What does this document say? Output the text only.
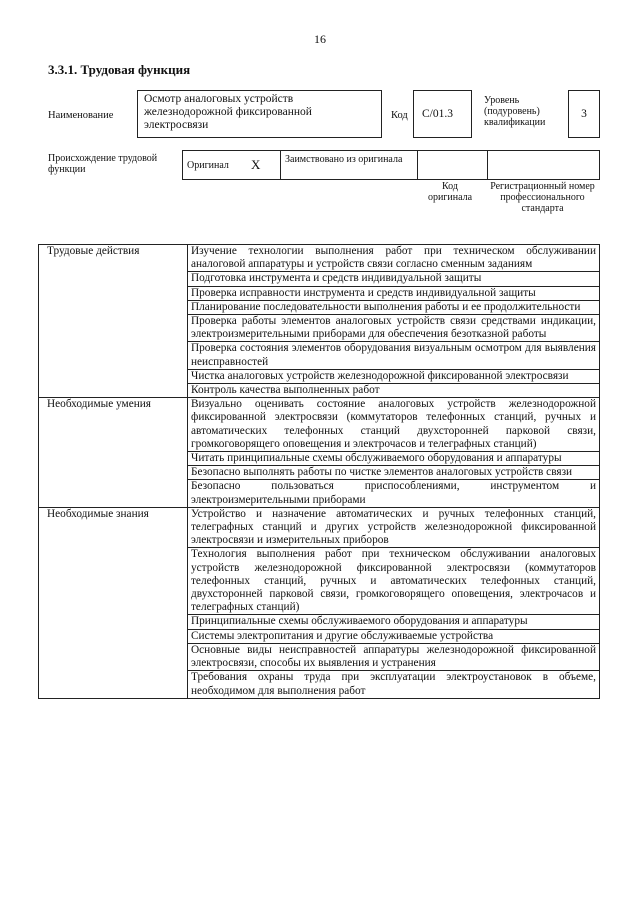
16
3.3.1. Трудовая функция
Наименование
Осмотр аналоговых устройств железнодорожной фиксированной электросвязи
Код	С/01.3
Уровень (подуровень) квалификации
3
Происхождение трудовой функции	Оригинал X Заимствовано из оригинала
Код оригинала
Регистрационный номер профессионального стандарта
Трудовые действия	Изучение технологии выполнения работ при техническом обслуживании аналоговой аппаратуры и устройств связи согласно сменным заданиям
	Подготовка инструмента и средств индивидуальной защиты
	Проверка исправности инструмента и средств индивидуальной защиты
	Планирование последовательности выполнения работы и ее продолжительности
	Проверка работы элементов аналоговых устройств связи средствами индикации, электроизмерительными приборами для обеспечения безотказной работы
	Проверка состояния элементов оборудования визуальным осмотром для выявления неисправностей
	Чистка аналоговых устройств железнодорожной фиксированной электросвязи
	Контроль качества выполненных работ
Необходимые умения	Визуально оценивать состояние аналоговых устройств железнодорожной фиксированной электросвязи (коммутаторов телефонных станций, ручных и автоматических телефонных станций двухсторонней парковой связи, громкоговорящего оповещения и электрочасов и телеграфных станций)
	Читать принципиальные схемы обслуживаемого оборудования и аппаратуры
	Безопасно выполнять работы по чистке элементов аналоговых устройств связи
	Безопасно пользоваться приспособлениями, инструментом и электроизмерительными приборами
Необходимые знания	Устройство и назначение автоматических и ручных телефонных станций, телеграфных станций и других устройств железнодорожной фиксированной электросвязи и измерительных приборов
	Технология выполнения работ при техническом обслуживании аналоговых устройств железнодорожной фиксированной электросвязи (коммутаторов телефонных станций, ручных и автоматических телефонных станций, двухсторонней парковой связи, громкоговорящего оповещения, электрочасов и телеграфных станций)
	Принципиальные схемы обслуживаемого оборудования и аппаратуры
	Системы электропитания и другие обслуживаемые устройства
	Основные виды неисправностей аппаратуры железнодорожной фиксированной электросвязи, способы их выявления и устранения
	Требования охраны труда при эксплуатации электроустановок в объеме, необходимом для выполнения работ
